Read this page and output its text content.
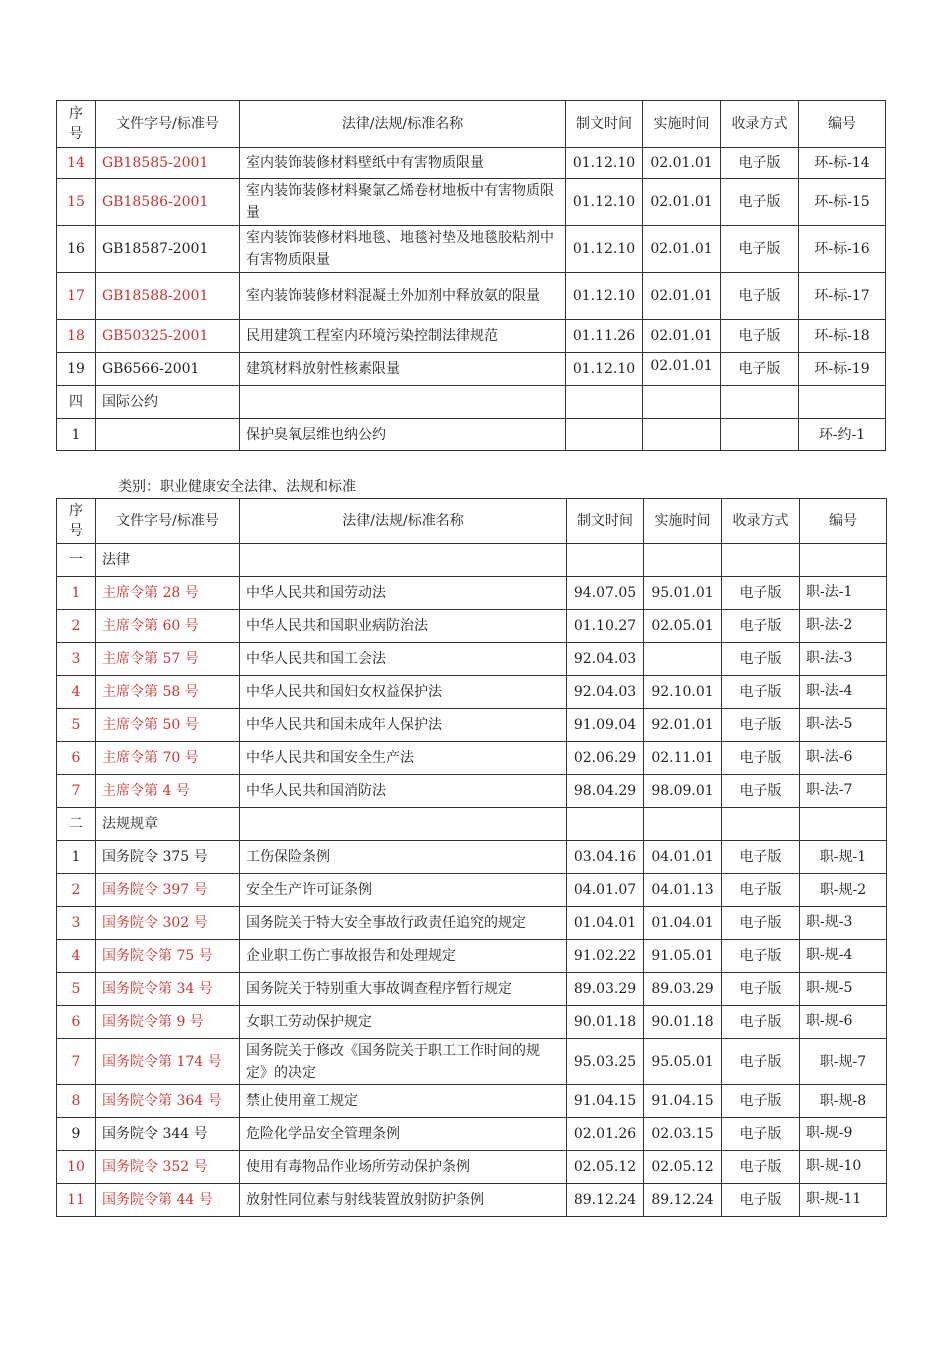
序号	文件字号/标准号	法律/法规/标准名称	制文时间	实施时间	收录方式	编号
14	GB18585-2001	室内装饰装修材料壁纸中有害物质限量	01.12.10	02.01.01	电子版	环-标-14
15	GB18586-2001	室内装饰装修材料聚氯乙烯卷材地板中有害物质限量	01.12.10	02.01.01	电子版	环-标-15
16	GB18587-2001	室内装饰装修材料地毯、地毯衬垫及地毯胶粘剂中有害物质限量	01.12.10	02.01.01	电子版	环-标-16
17	GB18588-2001	室内装饰装修材料混凝土外加剂中释放氨的限量	01.12.10	02.01.01	电子版	环-标-17
18	GB50325-2001	民用建筑工程室内环境污染控制法律规范	01.11.26	02.01.01	电子版	环-标-18
19	GB6566-2001	建筑材料放射性核素限量	01.12.10	02.01.01	电子版	环-标-19
四	国际公约					
1		保护臭氧层维也纳公约				环-约-1
类别：职业健康安全法律、法规和标准
序号	文件字号/标准号	法律/法规/标准名称	制文时间	实施时间	收录方式	编号
一	法律					
1	主席令第 28 号	中华人民共和国劳动法	94.07.05	95.01.01	电子版	职-法-1
2	主席令第 60 号	中华人民共和国职业病防治法	01.10.27	02.05.01	电子版	职-法-2
3	主席令第 57 号	中华人民共和国工会法	92.04.03		电子版	职-法-3
4	主席令第 58 号	中华人民共和国妇女权益保护法	92.04.03	92.10.01	电子版	职-法-4
5	主席令第 50 号	中华人民共和国未成年人保护法	91.09.04	92.01.01	电子版	职-法-5
6	主席令第 70 号	中华人民共和国安全生产法	02.06.29	02.11.01	电子版	职-法-6
7	主席令第 4 号	中华人民共和国消防法	98.04.29	98.09.01	电子版	职-法-7
二	法规规章					
1	国务院令 375 号	工伤保险条例	03.04.16	04.01.01	电子版	职-规-1
2	国务院令 397 号	安全生产许可证条例	04.01.07	04.01.13	电子版	职-规-2
3	国务院令 302 号	国务院关于特大安全事故行政责任追究的规定	01.04.01	01.04.01	电子版	职-规-3
4	国务院令第 75 号	企业职工伤亡事故报告和处理规定	91.02.22	91.05.01	电子版	职-规-4
5	国务院令第 34 号	国务院关于特别重大事故调查程序暂行规定	89.03.29	89.03.29	电子版	职-规-5
6	国务院令第 9 号	女职工劳动保护规定	90.01.18	90.01.18	电子版	职-规-6
7	国务院令第 174 号	国务院关于修改《国务院关于职工工作时间的规定》的决定	95.03.25	95.05.01	电子版	职-规-7
8	国务院令第 364 号	禁止使用童工规定	91.04.15	91.04.15	电子版	职-规-8
9	国务院令 344 号	危险化学品安全管理条例	02.01.26	02.03.15	电子版	职-规-9
10	国务院令 352 号	使用有毒物品作业场所劳动保护条例	02.05.12	02.05.12	电子版	职-规-10
11	国务院令第 44 号	放射性同位素与射线装置放射防护条例	89.12.24	89.12.24	电子版	职-规-11
